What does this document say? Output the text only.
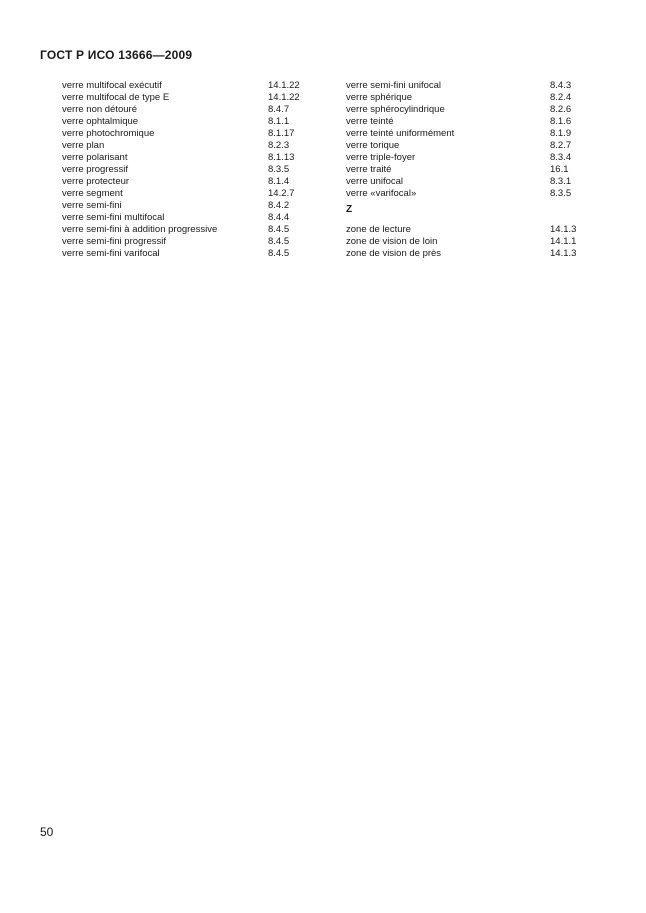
ГОСТ Р ИСО 13666—2009
verre multifocal exécutif	14.1.22
verre multifocal de type E	14.1.22
verre non détouré	8.4.7
verre ophtalmique	8.1.1
verre photochromique	8.1.17
verre plan	8.2.3
verre polarisant	8.1.13
verre progressif	8.3.5
verre protecteur	8.1.4
verre segment	14.2.7
verre semi-fini	8.4.2
verre semi-fini multifocal	8.4.4
verre semi-fini à addition progressive	8.4.5
verre semi-fini progressif	8.4.5
verre semi-fini varifocal	8.4.5
verre semi-fini unifocal	8.4.3
verre sphérique	8.2.4
verre sphérocylindrique	8.2.6
verre teinté	8.1.6
verre teinté uniformément	8.1.9
verre torique	8.2.7
verre triple-foyer	8.3.4
verre traité	16.1
verre unifocal	8.3.1
verre «varifocal»	8.3.5
Z
zone de lecture	14.1.3
zone de vision de loin	14.1.1
zone de vision de près	14.1.3
50
